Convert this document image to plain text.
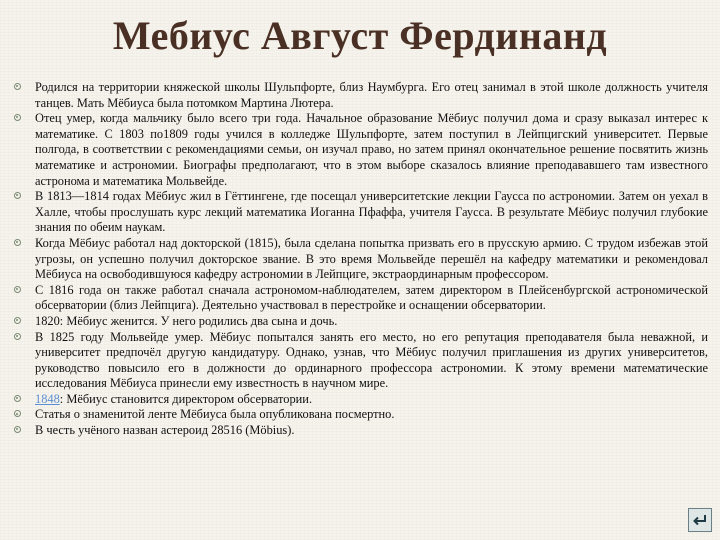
Мебиус Август Фердинанд
Родился на территории княжеской школы Шульпфорте, близ Наумбурга. Его отец занимал в этой школе должность учителя танцев. Мать Мёбиуса была потомком Мартина Лютера.
Отец умер, когда мальчику было всего три года. Начальное образование Мёбиус получил дома и сразу выказал интерес к математике. С 1803 по1809 годы учился в колледже Шульпфорте, затем поступил в Лейпцигский университет. Первые полгода, в соответствии с рекомендациями семьи, он изучал право, но затем принял окончательное решение посвятить жизнь математике и астрономии. Биографы предполагают, что в этом выборе сказалось влияние преподававшего там известного астронома и математика Мольвейде.
В 1813—1814 годах Мёбиус жил в Гёттингене, где посещал университетские лекции Гаусса по астрономии. Затем он уехал в Халле, чтобы прослушать курс лекций математика Иоганна Пфаффа, учителя Гаусса. В результате Мёбиус получил глубокие знания по обеим наукам.
Когда Мёбиус работал над докторской (1815), была сделана попытка призвать его в прусскую армию. С трудом избежав этой угрозы, он успешно получил докторское звание. В это время Мольвейде перешёл на кафедру математики и рекомендовал Мёбиуса на освободившуюся кафедру астрономии в Лейпциге, экстраординарным профессором.
С 1816 года он также работал сначала астрономом-наблюдателем, затем директором в Плейсенбургской астрономической обсерватории (близ Лейпцига). Деятельно участвовал в перестройке и оснащении обсерватории.
1820: Мёбиус женится. У него родились два сына и дочь.
В 1825 году Мольвейде умер. Мёбиус попытался занять его место, но его репутация преподавателя была неважной, и университет предпочёл другую кандидатуру. Однако, узнав, что Мёбиус получил приглашения из других университетов, руководство повысило его в должности до ординарного профессора астрономии. К этому времени математические исследования Мёбиуса принесли ему известность в научном мире.
1848: Мёбиус становится директором обсерватории.
Статья о знаменитой ленте Мёбиуса была опубликована посмертно.
В честь учёного назван астероид 28516 (Möbius).
